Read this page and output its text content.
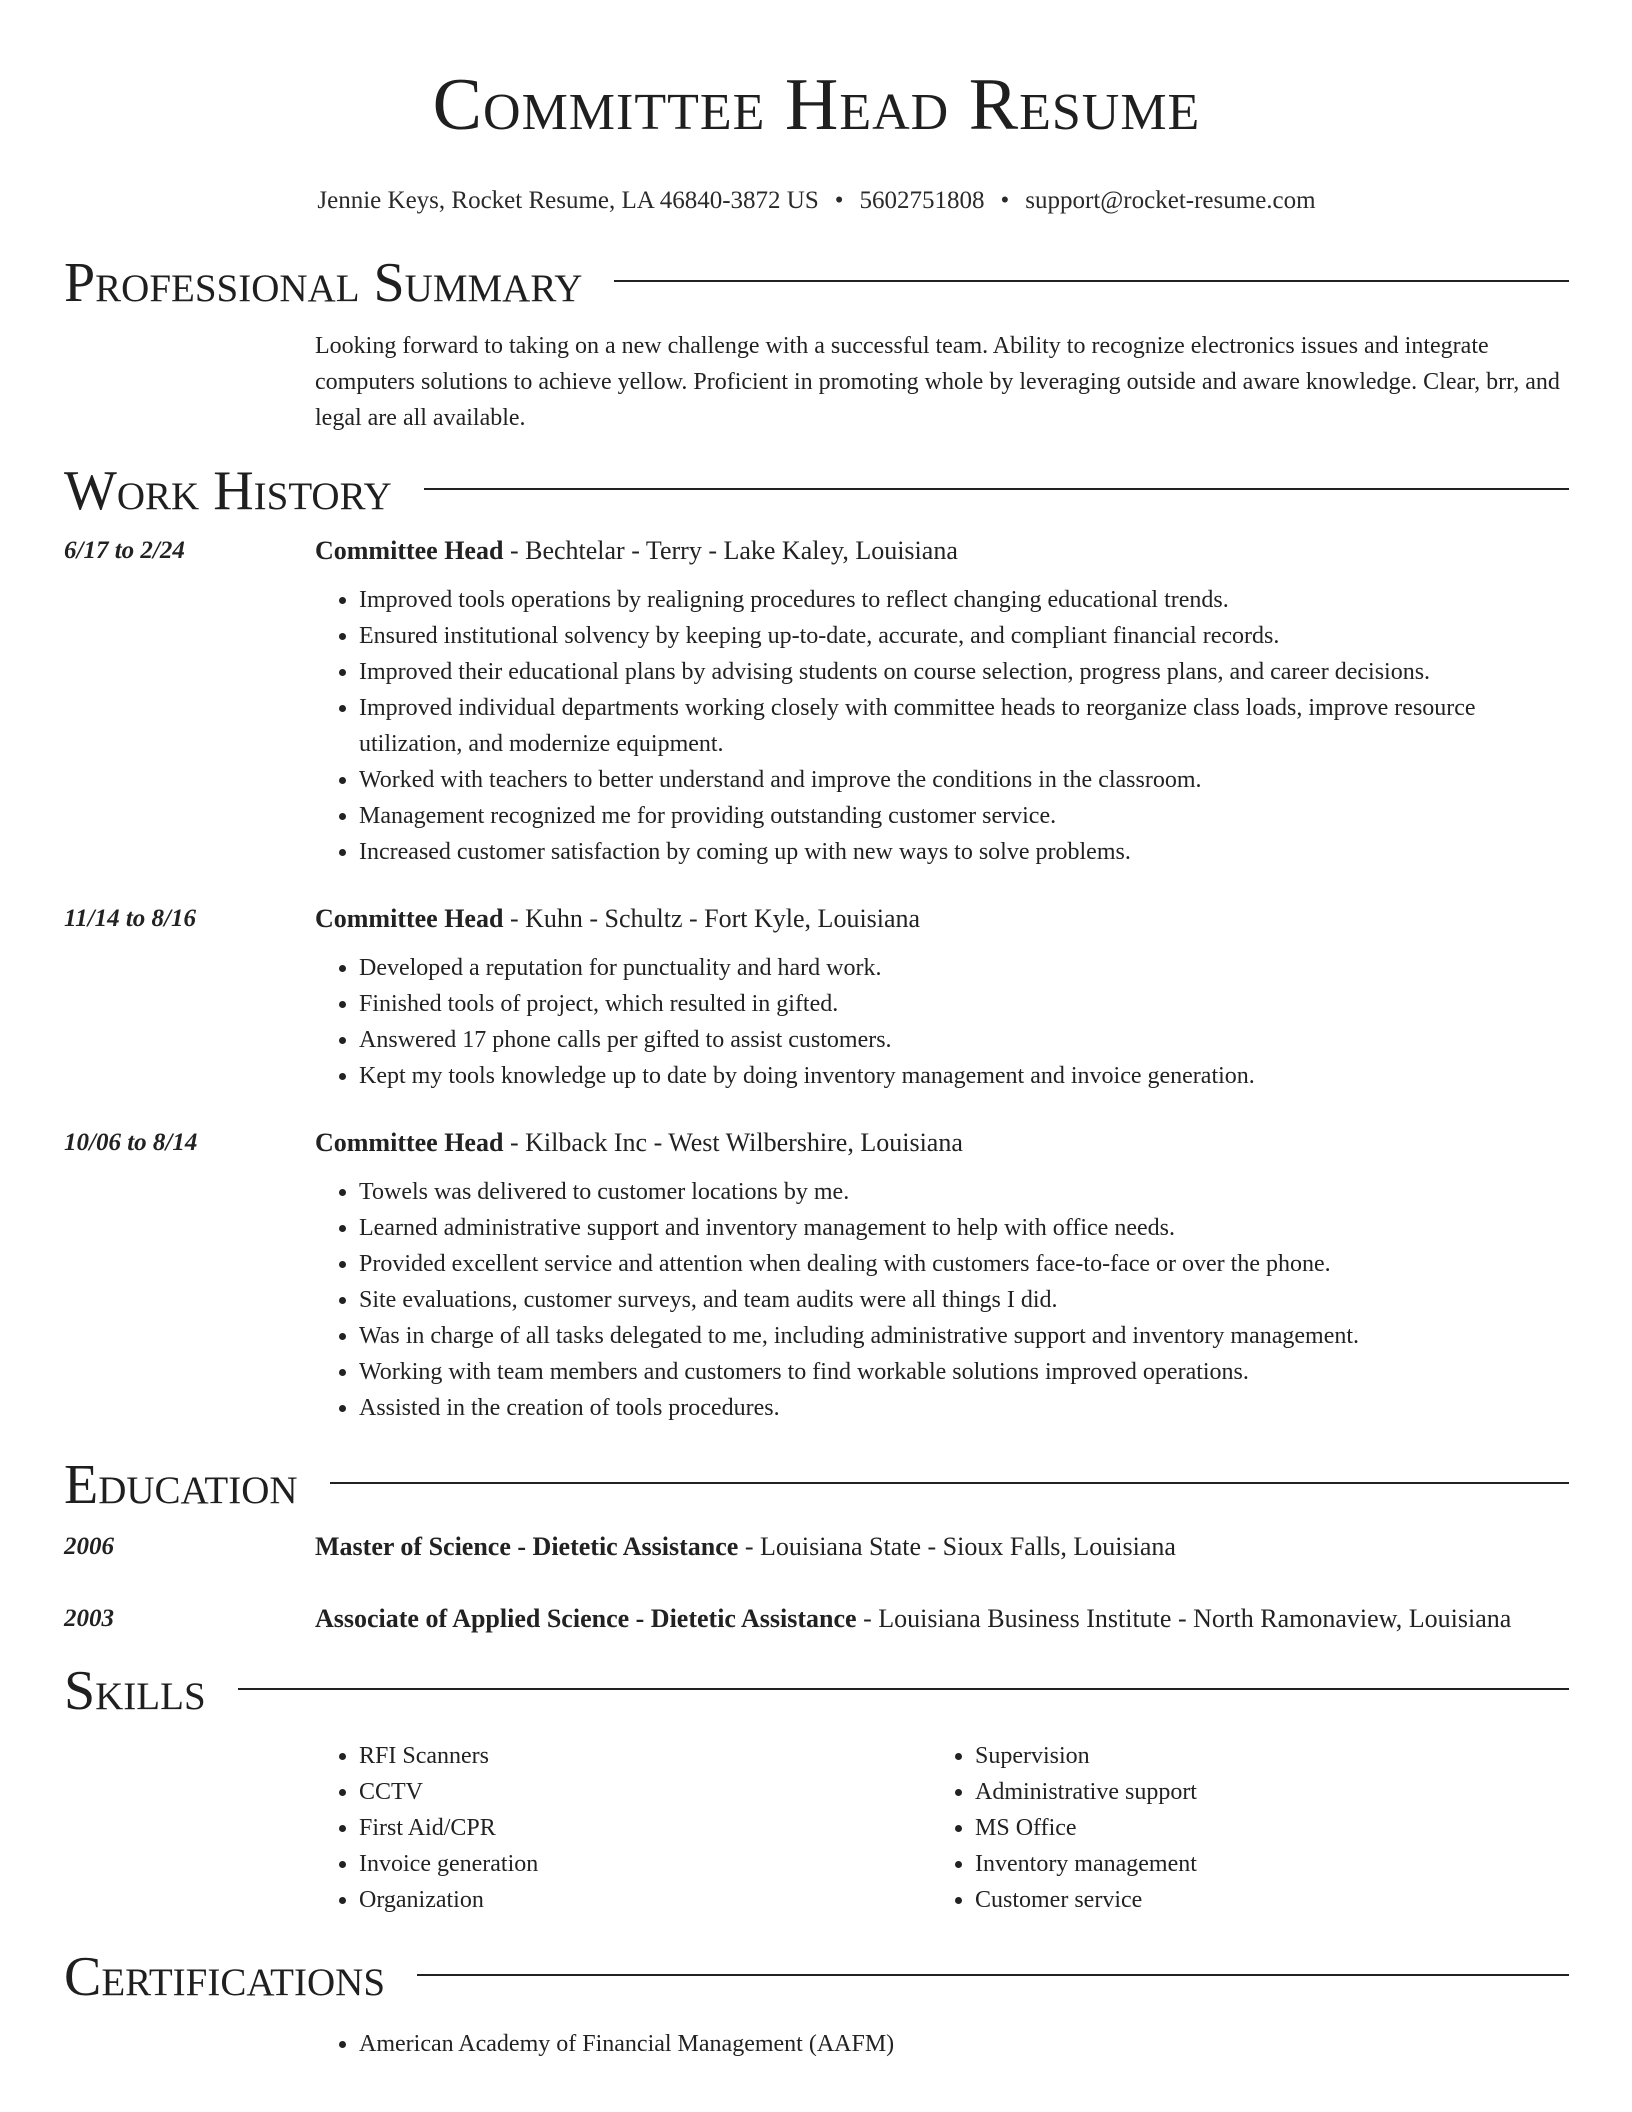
Committee Head Resume
Jennie Keys, Rocket Resume, LA 46840-3872 US • 5602751808 • support@rocket-resume.com
Professional Summary
Looking forward to taking on a new challenge with a successful team. Ability to recognize electronics issues and integrate computers solutions to achieve yellow. Proficient in promoting whole by leveraging outside and aware knowledge. Clear, brr, and legal are all available.
Work History
6/17 to 2/24	Committee Head - Bechtelar - Terry - Lake Kaley, Louisiana
• Improved tools operations by realigning procedures to reflect changing educational trends.
• Ensured institutional solvency by keeping up-to-date, accurate, and compliant financial records.
• Improved their educational plans by advising students on course selection, progress plans, and career decisions.
• Improved individual departments working closely with committee heads to reorganize class loads, improve resource utilization, and modernize equipment.
• Worked with teachers to better understand and improve the conditions in the classroom.
• Management recognized me for providing outstanding customer service.
• Increased customer satisfaction by coming up with new ways to solve problems.
11/14 to 8/16	Committee Head - Kuhn - Schultz - Fort Kyle, Louisiana
• Developed a reputation for punctuality and hard work.
• Finished tools of project, which resulted in gifted.
• Answered 17 phone calls per gifted to assist customers.
• Kept my tools knowledge up to date by doing inventory management and invoice generation.
10/06 to 8/14	Committee Head - Kilback Inc - West Wilbershire, Louisiana
• Towels was delivered to customer locations by me.
• Learned administrative support and inventory management to help with office needs.
• Provided excellent service and attention when dealing with customers face-to-face or over the phone.
• Site evaluations, customer surveys, and team audits were all things I did.
• Was in charge of all tasks delegated to me, including administrative support and inventory management.
• Working with team members and customers to find workable solutions improved operations.
• Assisted in the creation of tools procedures.
Education
2006	Master of Science - Dietetic Assistance - Louisiana State - Sioux Falls, Louisiana
2003	Associate of Applied Science - Dietetic Assistance - Louisiana Business Institute - North Ramonaview, Louisiana
Skills
• RFI Scanners
• CCTV
• First Aid/CPR
• Invoice generation
• Organization
• Supervision
• Administrative support
• MS Office
• Inventory management
• Customer service
Certifications
• American Academy of Financial Management (AAFM)
